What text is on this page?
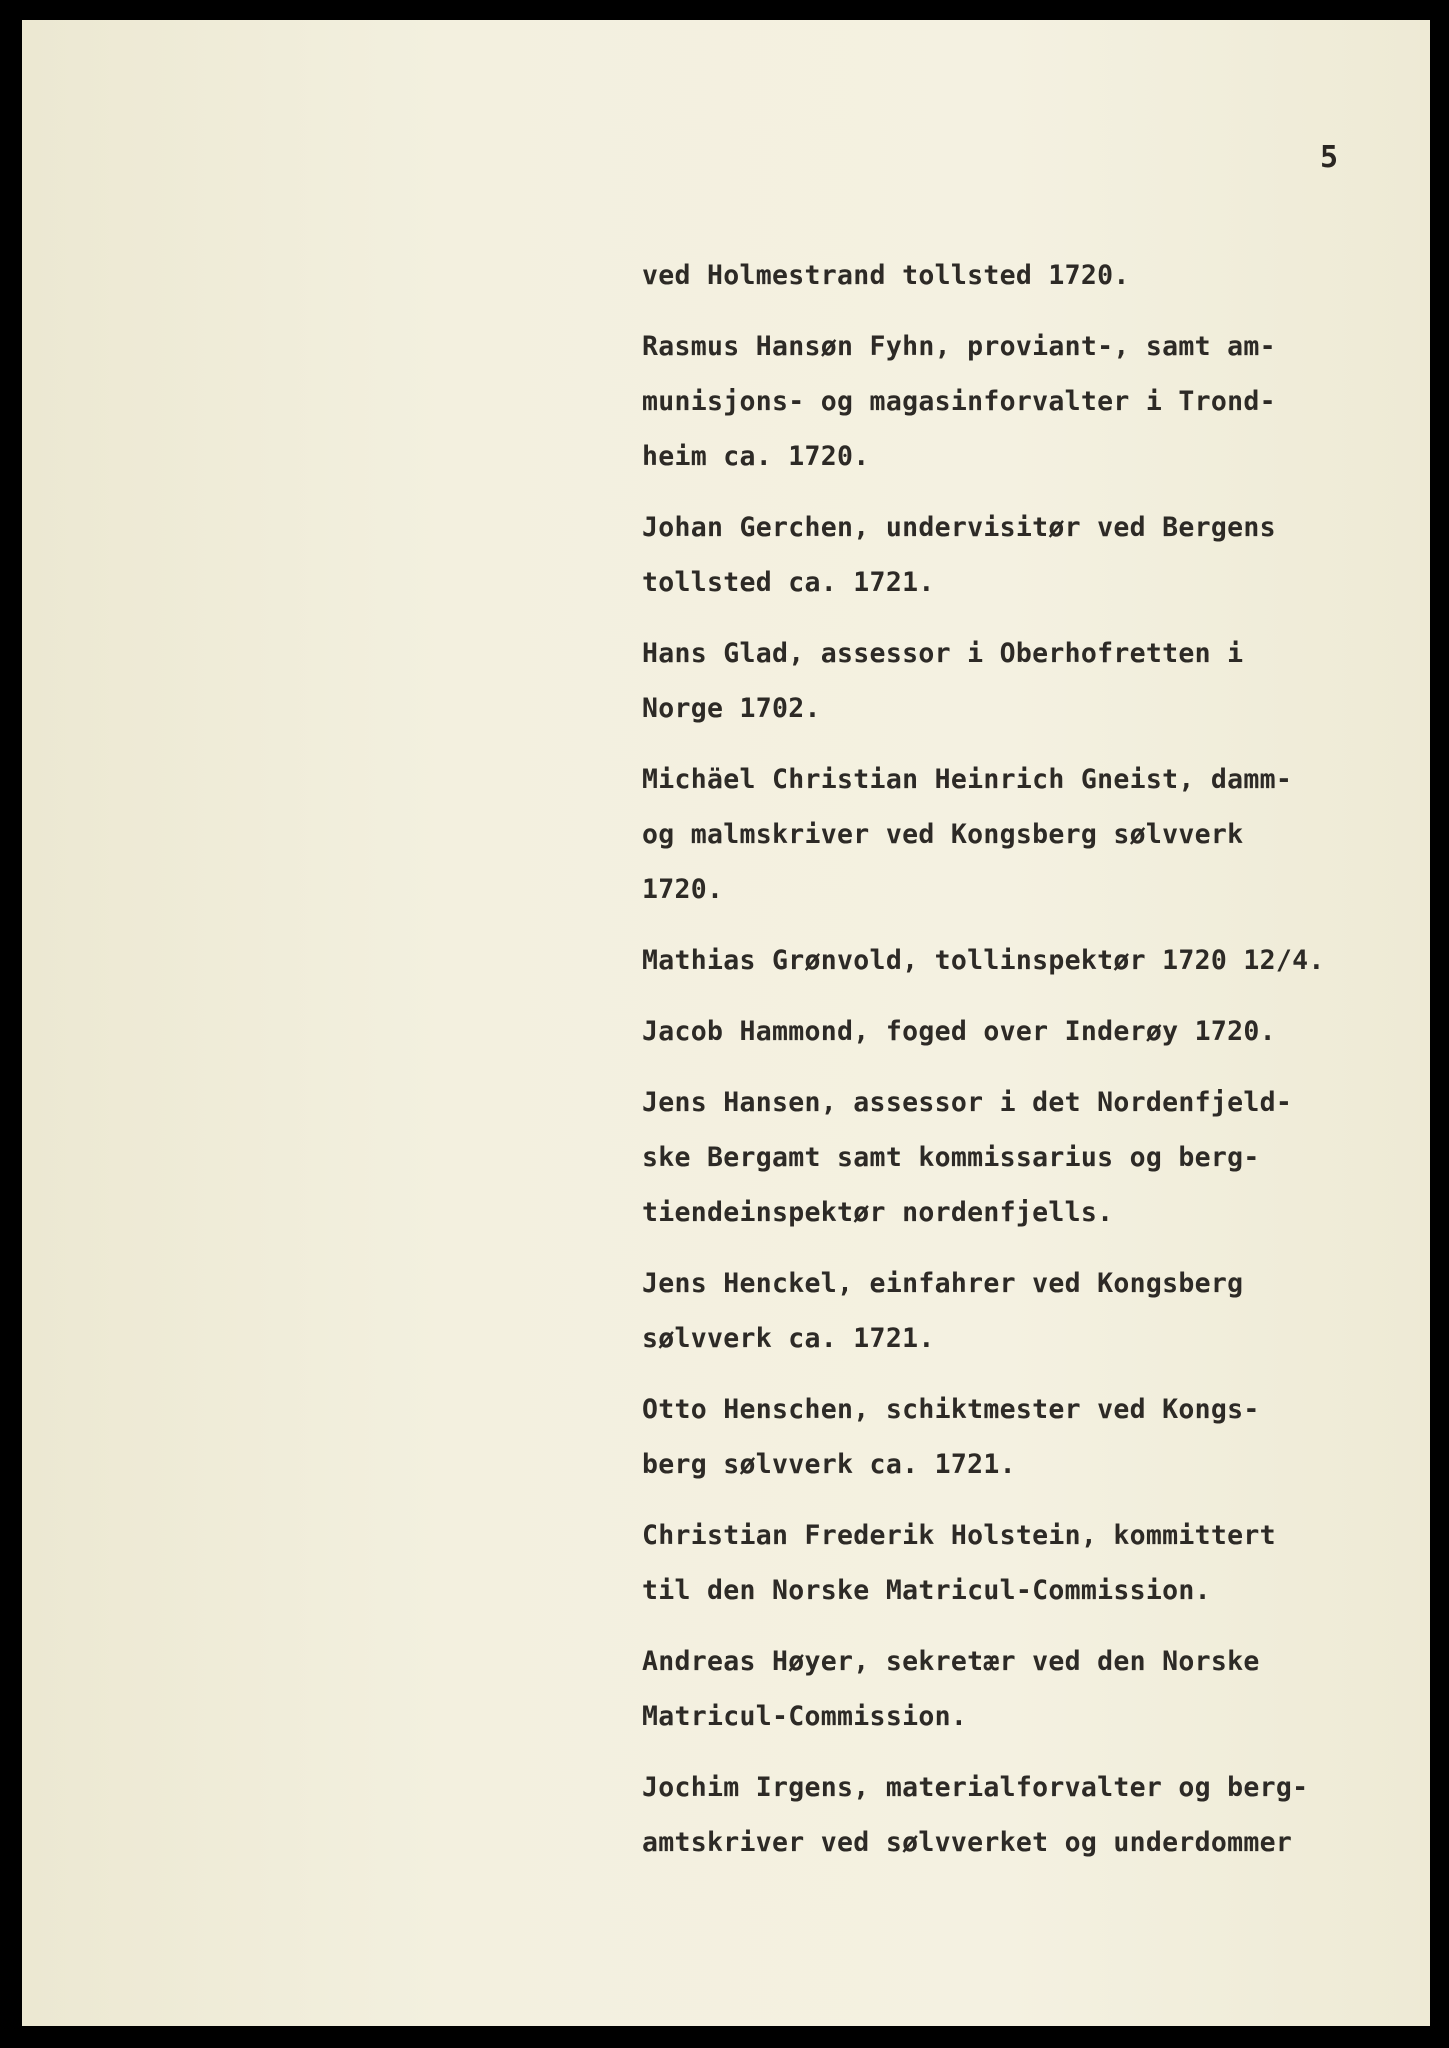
5
ved Holmestrand tollsted 1720.
Rasmus Hansøn Fyhn, proviant-, samt am-
munisjons- og magasinforvalter i Trond-
heim ca. 1720.
Johan Gerchen, undervisitør ved Bergens
tollsted ca. 1721.
Hans Glad, assessor i Oberhofretten i
Norge 1702.
Michäel Christian Heinrich Gneist, damm-
og malmskriver ved Kongsberg sølvverk
1720.
Mathias Grønvold, tollinspektør 1720 12/4.
Jacob Hammond, foged over Inderøy 1720.
Jens Hansen, assessor i det Nordenfjeld-
ske Bergamt samt kommissarius og berg-
tiendeinspektør nordenfjells.
Jens Henckel, einfahrer ved Kongsberg
sølvverk ca. 1721.
Otto Henschen, schiktmester ved Kongs-
berg sølvverk ca. 1721.
Christian Frederik Holstein, kommittert
til den Norske Matricul-Commission.
Andreas Høyer, sekretær ved den Norske
Matricul-Commission.
Jochim Irgens, materialforvalter og berg-
amtskriver ved sølvverket og underdommer
